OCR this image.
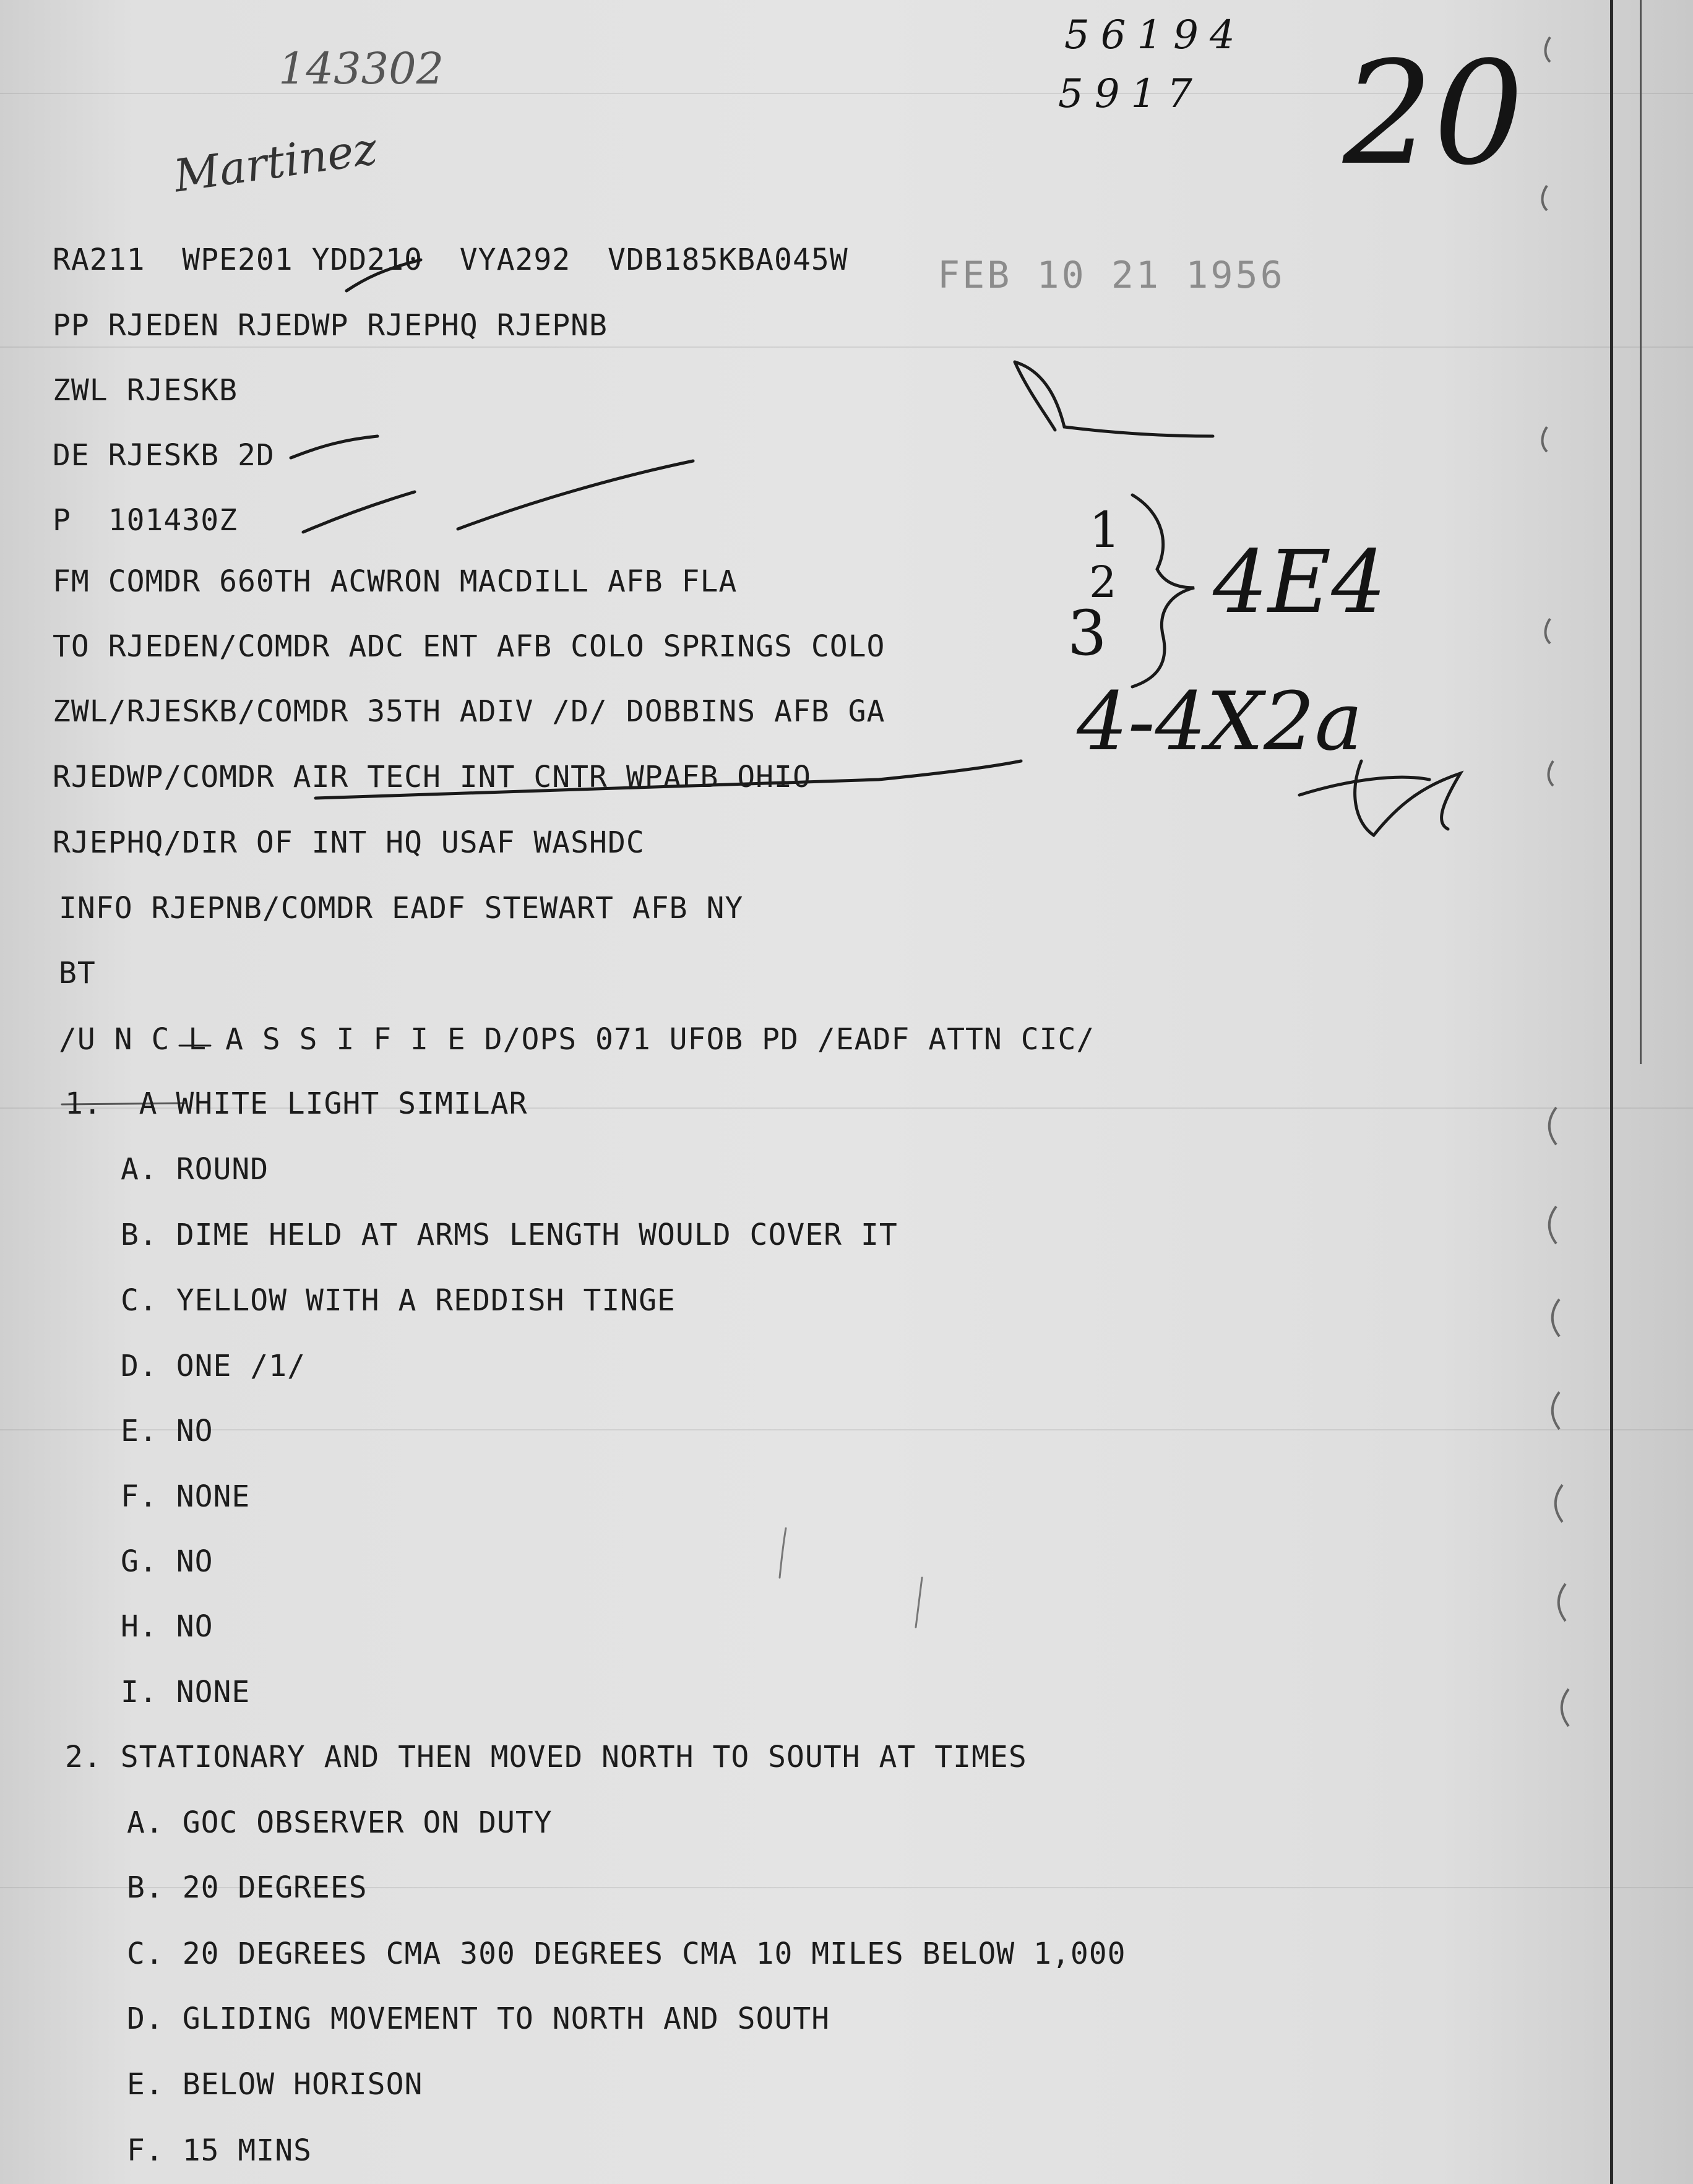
143302
Martinez
56194
5917 20
1
2
3
4E4
4-4X2a
FEB 10 21 1956
RA211  WPE201 YDD210  VYA292  VDB185KBA045W
PP RJEDEN RJEDWP RJEPHQ RJEPNB
ZWL RJESKB
DE RJESKB 2D
P  101430Z
FM COMDR 660TH ACWRON MACDILL AFB FLA
TO RJEDEN/COMDR ADC ENT AFB COLO SPRINGS COLO
ZWL/RJESKB/COMDR 35TH ADIV /D/ DOBBINS AFB GA
RJEDWP/COMDR AIR TECH INT CNTR WPAFB OHIO
RJEPHQ/DIR OF INT HQ USAF WASHDC
INFO RJEPNB/COMDR EADF STEWART AFB NY
BT
/U N C L A S S I F I E D/OPS 071 UFOB PD /EADF ATTN CIC/
1.  A WHITE LIGHT SIMILAR
A. ROUND
B. DIME HELD AT ARMS LENGTH WOULD COVER IT
C. YELLOW WITH A REDDISH TINGE
D. ONE /1/
E. NO
F. NONE
G. NO
H. NO
I. NONE
2. STATIONARY AND THEN MOVED NORTH TO SOUTH AT TIMES
A. GOC OBSERVER ON DUTY
B. 20 DEGREES
C. 20 DEGREES CMA 300 DEGREES CMA 10 MILES BELOW 1,000
D. GLIDING MOVEMENT TO NORTH AND SOUTH
E. BELOW HORISON
F. 15 MINS
